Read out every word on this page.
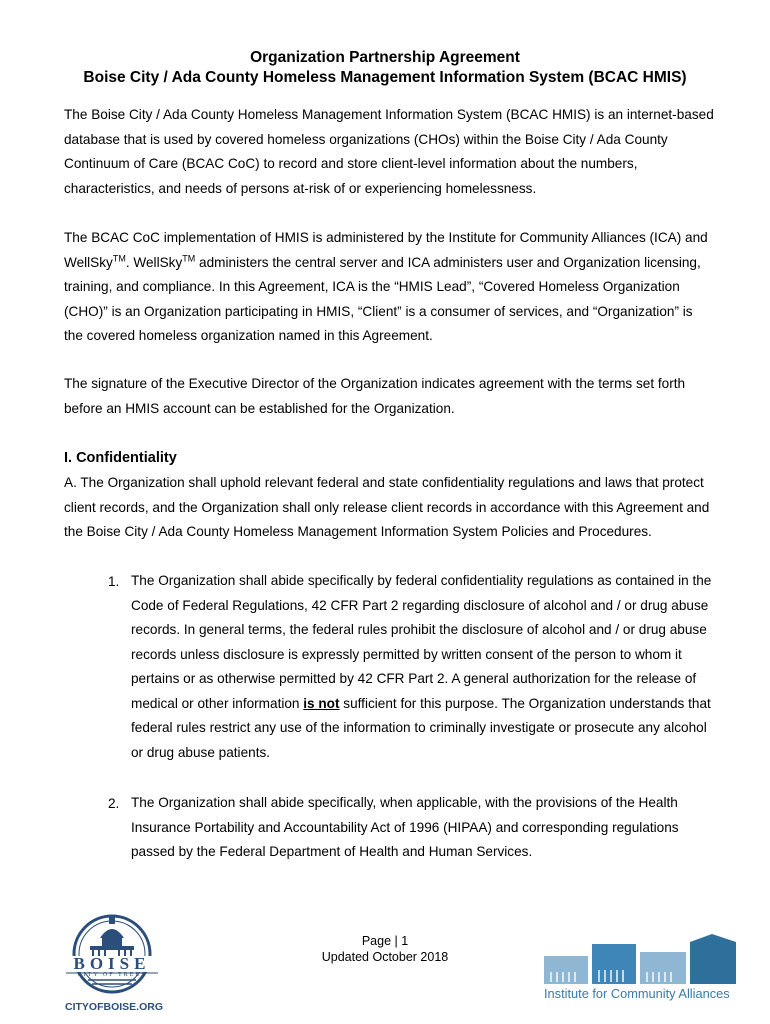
Organization Partnership Agreement
Boise City / Ada County Homeless Management Information System (BCAC HMIS)
The Boise City / Ada County Homeless Management Information System (BCAC HMIS) is an internet-based database that is used by covered homeless organizations (CHOs) within the Boise City / Ada County Continuum of Care (BCAC CoC) to record and store client-level information about the numbers, characteristics, and needs of persons at-risk of or experiencing homelessness.
The BCAC CoC implementation of HMIS is administered by the Institute for Community Alliances (ICA) and WellSky™. WellSky™ administers the central server and ICA administers user and Organization licensing, training, and compliance. In this Agreement, ICA is the “HMIS Lead”, “Covered Homeless Organization (CHO)” is an Organization participating in HMIS, “Client” is a consumer of services, and “Organization” is the covered homeless organization named in this Agreement.
The signature of the Executive Director of the Organization indicates agreement with the terms set forth before an HMIS account can be established for the Organization.
I. Confidentiality
A. The Organization shall uphold relevant federal and state confidentiality regulations and laws that protect client records, and the Organization shall only release client records in accordance with this Agreement and the Boise City / Ada County Homeless Management Information System Policies and Procedures.
1. The Organization shall abide specifically by federal confidentiality regulations as contained in the Code of Federal Regulations, 42 CFR Part 2 regarding disclosure of alcohol and / or drug abuse records. In general terms, the federal rules prohibit the disclosure of alcohol and / or drug abuse records unless disclosure is expressly permitted by written consent of the person to whom it pertains or as otherwise permitted by 42 CFR Part 2. A general authorization for the release of medical or other information is not sufficient for this purpose. The Organization understands that federal rules restrict any use of the information to criminally investigate or prosecute any alcohol or drug abuse patients.
2. The Organization shall abide specifically, when applicable, with the provisions of the Health Insurance Portability and Accountability Act of 1996 (HIPAA) and corresponding regulations passed by the Federal Department of Health and Human Services.
Page | 1
Updated October 2018
BOISE
CITY OF TREES
CITYOFBOISE.ORG
Institute for Community Alliances
